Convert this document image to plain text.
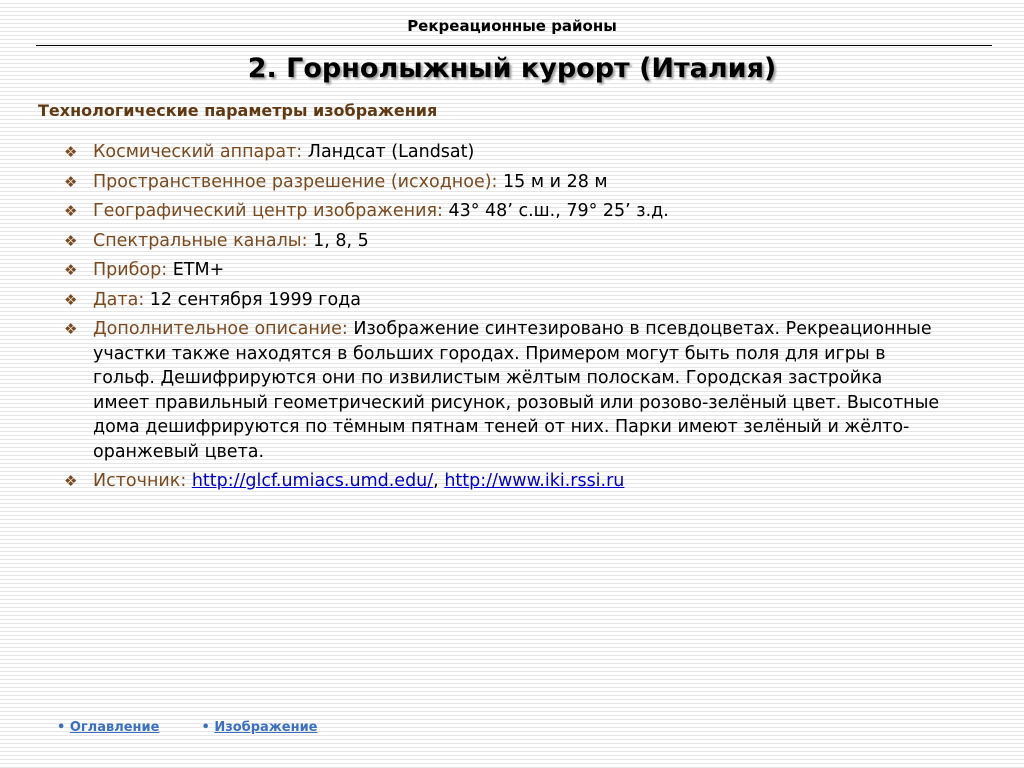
Рекреационные районы
2. Горнолыжный курорт (Италия)
Технологические параметры изображения
❖ Космический аппарат: Ландсат (Landsat)
❖ Пространственное разрешение (исходное): 15 м и 28 м
❖ Географический центр изображения: 43° 48’ с.ш., 79° 25’ з.д.
❖ Спектральные каналы: 1, 8, 5
❖ Прибор: ETM+
❖ Дата: 12 сентября 1999 года
❖ Дополнительное описание: Изображение синтезировано в псевдоцветах. Рекреационные участки также находятся в больших городах. Примером могут быть поля для игры в гольф. Дешифрируются они по извилистым жёлтым полоскам. Городская застройка имеет правильный геометрический рисунок, розовый или розово-зелёный цвет. Высотные дома дешифрируются по тёмным пятнам теней от них. Парки имеют зелёный и жёлто-оранжевый цвета.
❖ Источник: http://glcf.umiacs.umd.edu/, http://www.iki.rssi.ru
• Оглавление	• Изображение
